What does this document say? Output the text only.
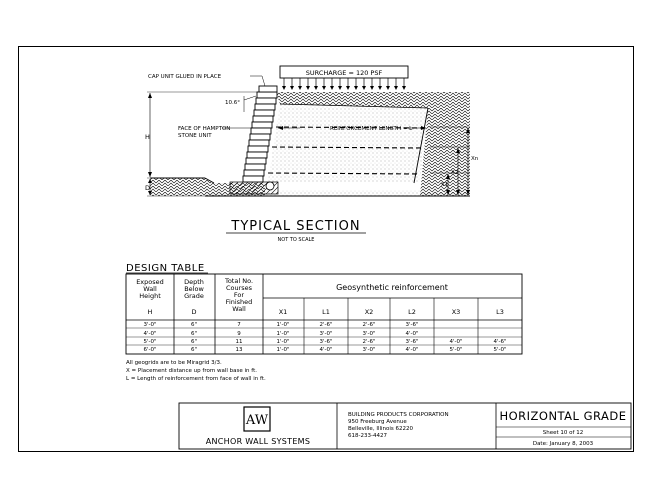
SURCHARGE = 120 PSF
REINFORCEMENT LENGTH = L
CAP UNIT GLUED IN PLACE
10.6°
FACE OF HAMPTON
STONE UNIT
H
D
Xn
X2
X1
TYPICAL SECTION
NOT TO SCALE
DESIGN TABLE
Exposed
Wall
Height
Depth
Below
Grade
Total No.
Courses
For
Finished
Wall
H	D
Geosynthetic reinforcement
X1	L1	X2	L2	X3	L3
3'-0"	6"	7	1'-0"	2'-6"	2'-6"	3'-6"
4'-0"	6"	9	1'-0"	3'-0"	3'-0"	4'-0"
5'-0"	6"	11	1'-0"	3'-6"	2'-6"	3'-6"	4'-0"	4'-6"
6'-0"	6"	13	1'-0"	4'-0"	3'-0"	4'-0"	5'-0"	5'-0"
All geogrids are to be Miragrid 3/3.
X = Placement distance up from wall base in ft.
L = Length of reinforcement from face of wall in ft.
AW
ANCHOR WALL SYSTEMS
BUILDING PRODUCTS CORPORATION
950 Freeburg Avenue
Belleville, Illinois 62220
618-233-4427
HORIZONTAL GRADE
Sheet 10 of 12
Date: January 8, 2003
